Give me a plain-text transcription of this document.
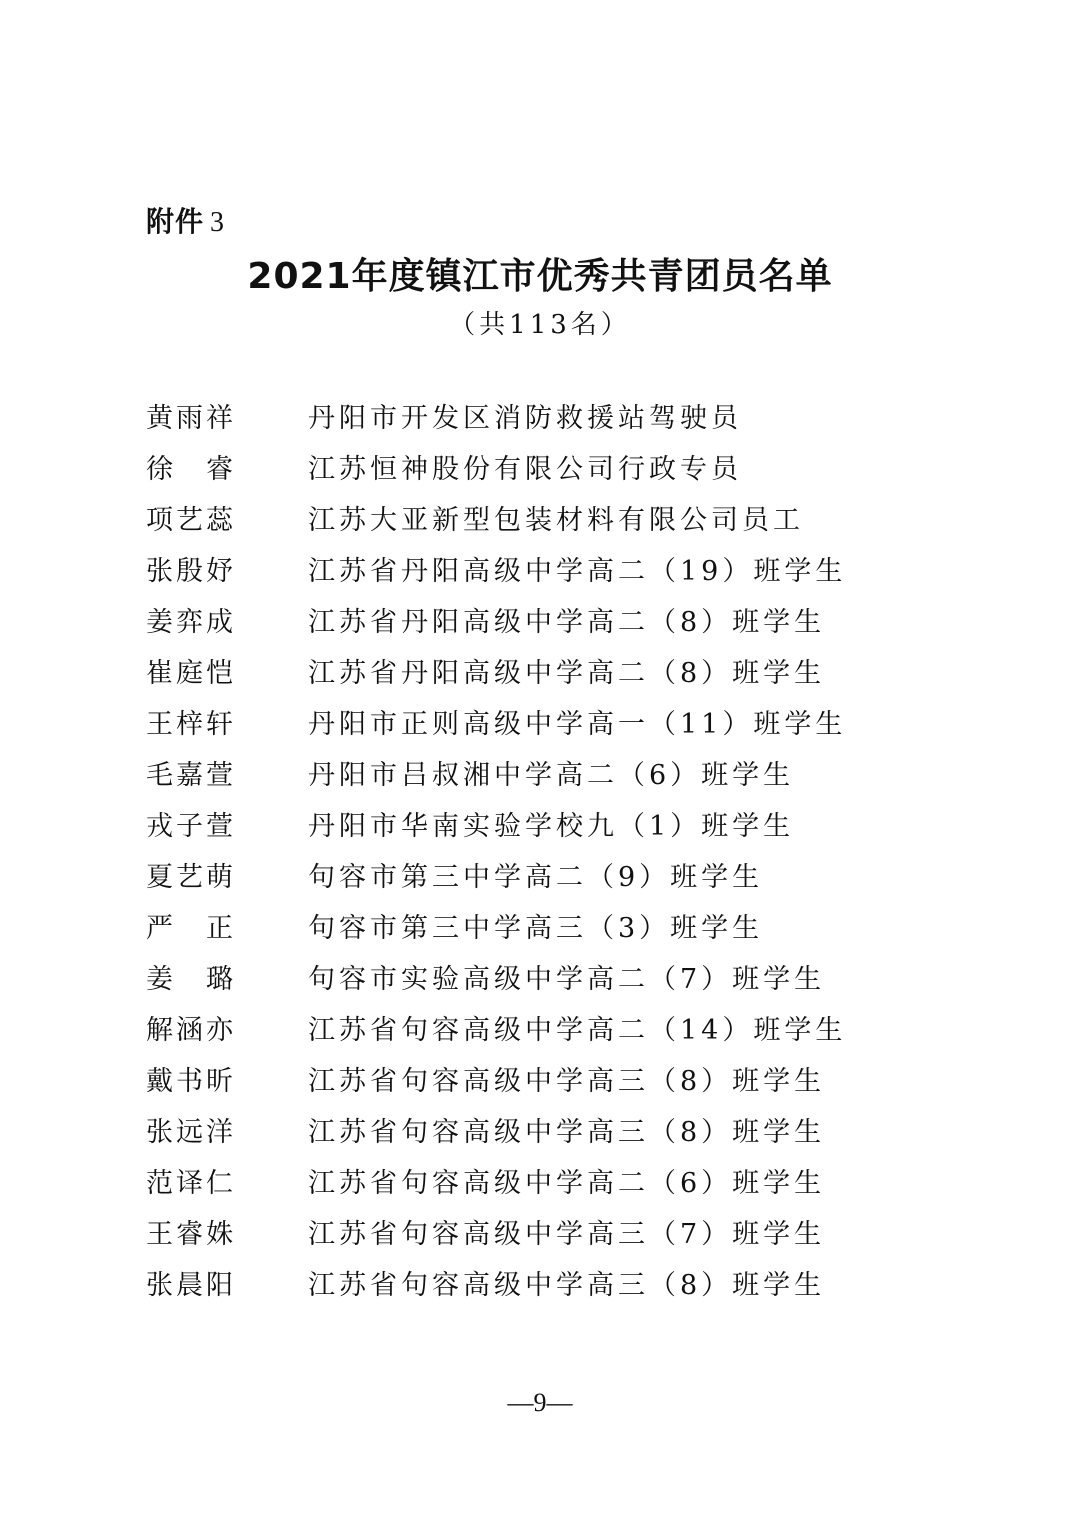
附件 3
2021年度镇江市优秀共青团员名单
（共113名）
黄雨祥	丹阳市开发区消防救援站驾驶员
徐　睿	江苏恒神股份有限公司行政专员
项艺蕊	江苏大亚新型包装材料有限公司员工
张殷妤	江苏省丹阳高级中学高二（19）班学生
姜弈成	江苏省丹阳高级中学高二（8）班学生
崔庭恺	江苏省丹阳高级中学高二（8）班学生
王梓轩	丹阳市正则高级中学高一（11）班学生
毛嘉萱	丹阳市吕叔湘中学高二（6）班学生
戎子萱	丹阳市华南实验学校九（1）班学生
夏艺萌	句容市第三中学高二（9）班学生
严　正	句容市第三中学高三（3）班学生
姜　璐	句容市实验高级中学高二（7）班学生
解涵亦	江苏省句容高级中学高二（14）班学生
戴书昕	江苏省句容高级中学高三（8）班学生
张远洋	江苏省句容高级中学高三（8）班学生
范译仁	江苏省句容高级中学高二（6）班学生
王睿姝	江苏省句容高级中学高三（7）班学生
张晨阳	江苏省句容高级中学高三（8）班学生
—9—
